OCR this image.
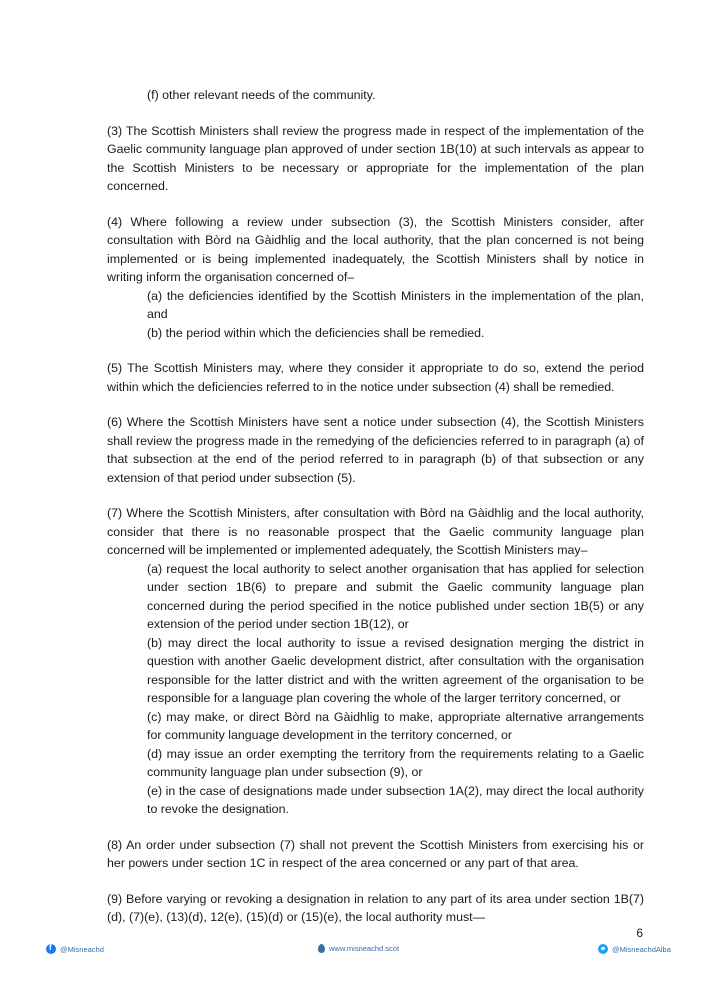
(f) other relevant needs of the community.

(3) The Scottish Ministers shall review the progress made in respect of the implementation of the Gaelic community language plan approved of under section 1B(10) at such intervals as appear to the Scottish Ministers to be necessary or appropriate for the implementation of the plan concerned.

(4) Where following a review under subsection (3), the Scottish Ministers consider, after consultation with Bòrd na Gàidhlig and the local authority, that the plan concerned is not being implemented or is being implemented inadequately, the Scottish Ministers shall by notice in writing inform the organisation concerned of–
(a) the deficiencies identified by the Scottish Ministers in the implementation of the plan, and
(b) the period within which the deficiencies shall be remedied.

(5) The Scottish Ministers may, where they consider it appropriate to do so, extend the period within which the deficiencies referred to in the notice under subsection (4) shall be remedied.

(6) Where the Scottish Ministers have sent a notice under subsection (4), the Scottish Ministers shall review the progress made in the remedying of the deficiencies referred to in paragraph (a) of that subsection at the end of the period referred to in paragraph (b) of that subsection or any extension of that period under subsection (5).

(7) Where the Scottish Ministers, after consultation with Bòrd na Gàidhlig and the local authority, consider that there is no reasonable prospect that the Gaelic community language plan concerned will be implemented or implemented adequately, the Scottish Ministers may–
(a) request the local authority to select another organisation that has applied for selection under section 1B(6) to prepare and submit the Gaelic community language plan concerned during the period specified in the notice published under section 1B(5) or any extension of the period under section 1B(12), or
(b) may direct the local authority to issue a revised designation merging the district in question with another Gaelic development district, after consultation with the organisation responsible for the latter district and with the written agreement of the organisation to be responsible for a language plan covering the whole of the larger territory concerned, or
(c) may make, or direct Bòrd na Gàidhlig to make, appropriate alternative arrangements for community language development in the territory concerned, or
(d) may issue an order exempting the territory from the requirements relating to a Gaelic community language plan under subsection (9), or
(e) in the case of designations made under subsection 1A(2), may direct the local authority to revoke the designation.

(8) An order under subsection (7) shall not prevent the Scottish Ministers from exercising his or her powers under section 1C in respect of the area concerned or any part of that area.

(9) Before varying or revoking a designation in relation to any part of its area under section 1B(7)(d), (7)(e), (13)(d), 12(e), (15)(d) or (15)(e), the local authority must—

6
f
@Misneachd	www.misneachd.scot	@MisneachdAlba
